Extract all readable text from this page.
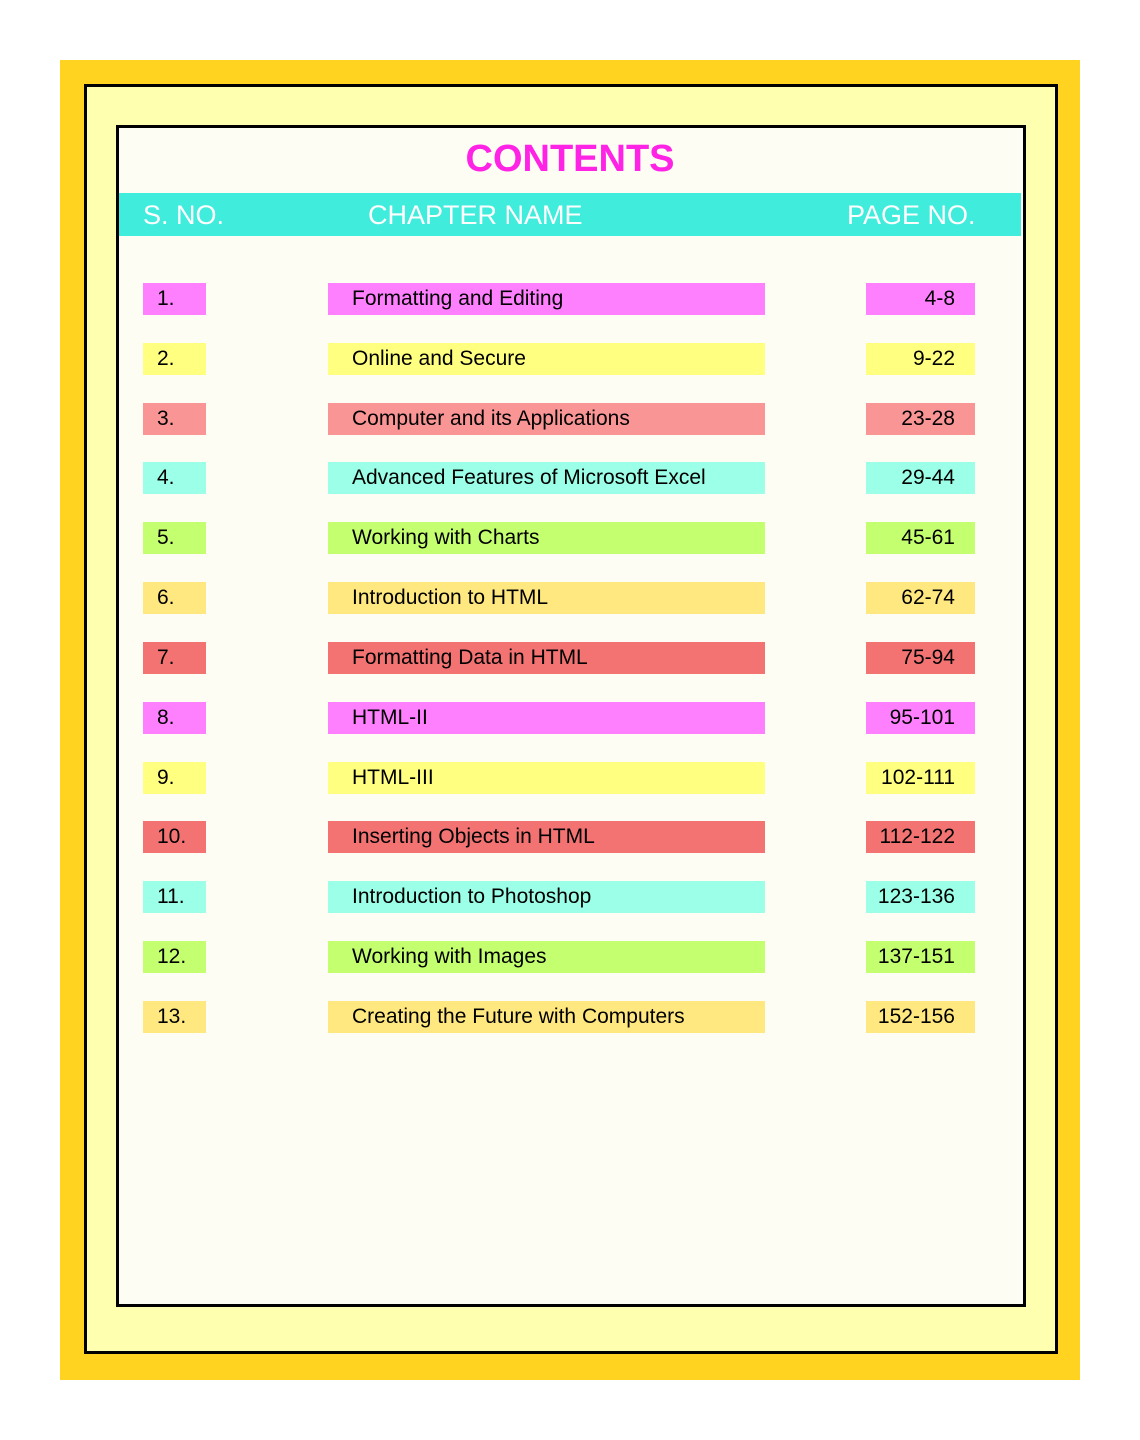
CONTENTS
S. NO.	CHAPTER NAME	PAGE NO.
1.	Formatting and Editing	4-8
2.	Online and Secure	9-22
3.	Computer and its Applications	23-28
4.	Advanced Features of Microsoft Excel	29-44
5.	Working with Charts	45-61
6.	Introduction to HTML	62-74
7.	Formatting Data in HTML	75-94
8.	HTML-II	95-101
9.	HTML-III	102-111
10.	Inserting Objects in HTML	112-122
11.	Introduction to Photoshop	123-136
12.	Working with Images	137-151
13.	Creating the Future with Computers	152-156
